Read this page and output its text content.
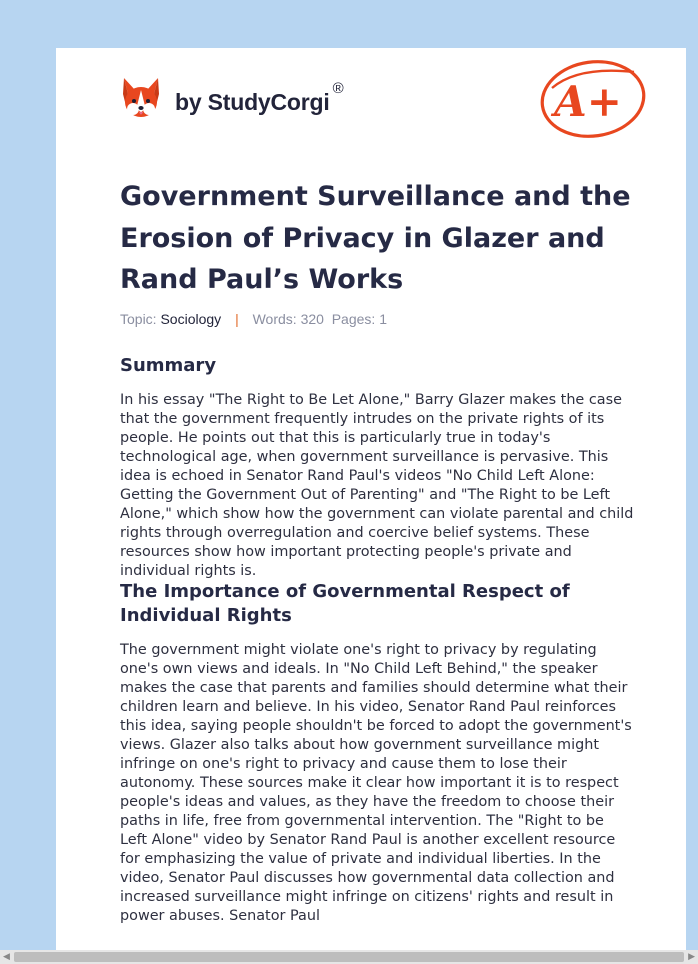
by StudyCorgi®	A+
Government Surveillance and the Erosion of Privacy in Glazer and Rand Paul’s Works
Topic: Sociology | Words: 320 Pages: 1
Summary

In his essay "The Right to Be Let Alone," Barry Glazer makes the case that the government frequently intrudes on the private rights of its people. He points out that this is particularly true in today's technological age, when government surveillance is pervasive. This idea is echoed in Senator Rand Paul's videos "No Child Left Alone: Getting the Government Out of Parenting" and "The Right to be Left Alone," which show how the government can violate parental and child rights through overregulation and coercive belief systems. These resources show how important protecting people's private and individual rights is.

The Importance of Governmental Respect of Individual Rights

The government might violate one's right to privacy by regulating one's own views and ideals. In "No Child Left Behind," the speaker makes the case that parents and families should determine what their children learn and believe. In his video, Senator Rand Paul reinforces this idea, saying people shouldn't be forced to adopt the government's views. Glazer also talks about how government surveillance might infringe on one's right to privacy and cause them to lose their autonomy. These sources make it clear how important it is to respect people's ideas and values, as they have the freedom to choose their paths in life, free from governmental intervention. The "Right to be Left Alone" video by Senator Rand Paul is another excellent resource for emphasizing the value of private and individual liberties. In the video, Senator Paul discusses how governmental data collection and increased surveillance might infringe on citizens' rights and result in power abuses. Senator Paul

◀	▶
